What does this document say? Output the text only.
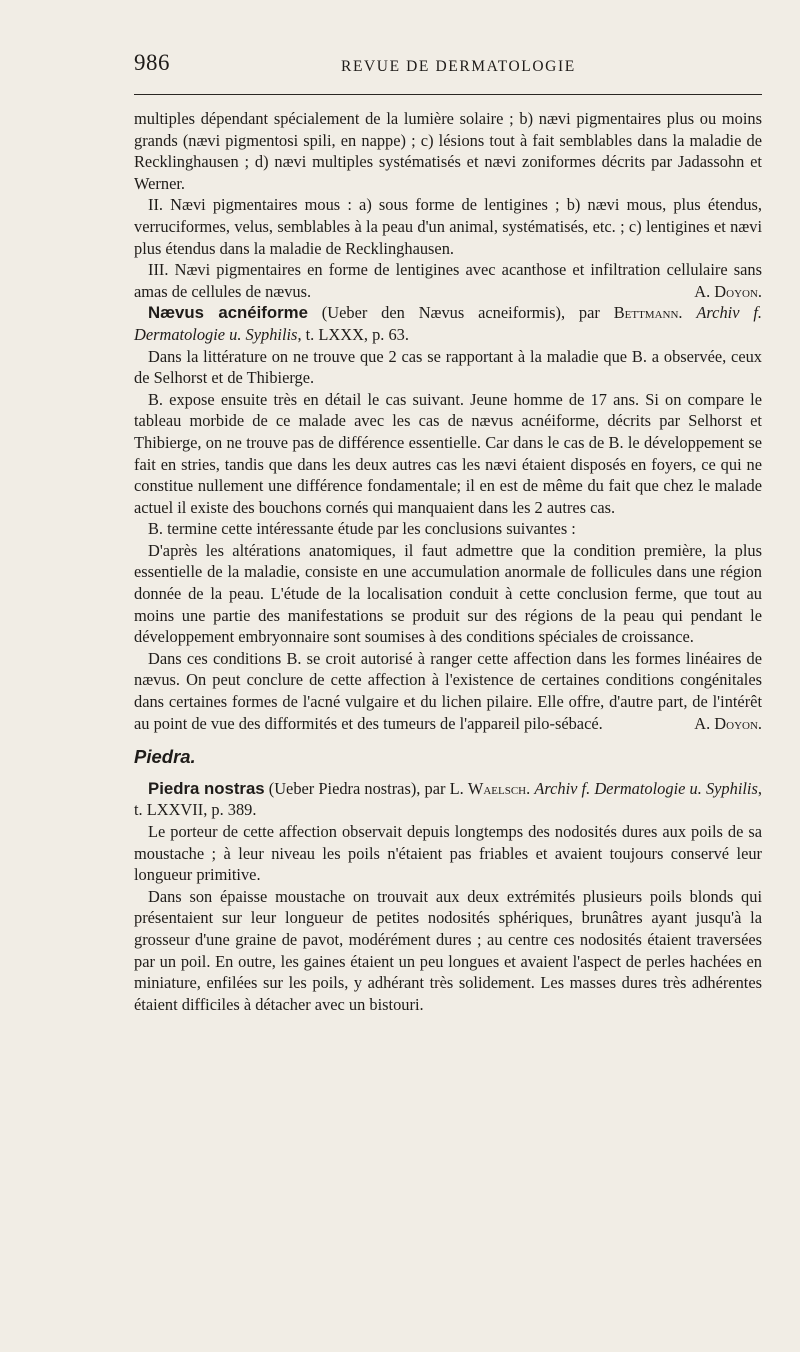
986	REVUE DE DERMATOLOGIE

multiples dépendant spécialement de la lumière solaire ; b) nævi pigmentaires plus ou moins grands (nævi pigmentosi spili, en nappe) ; c) lésions tout à fait semblables dans la maladie de Recklinghausen ; d) nævi multiples systématisés et nævi zoniformes décrits par Jadassohn et Werner.

II. Nævi pigmentaires mous : a) sous forme de lentigines ; b) nævi mous, plus étendus, verruciformes, velus, semblables à la peau d'un animal, systématisés, etc. ; c) lentigines et nævi plus étendus dans la maladie de Recklinghausen.

III. Nævi pigmentaires en forme de lentigines avec acanthose et infiltration cellulaire sans amas de cellules de nævus.	A. Doyon.

Nævus acnéiforme (Ueber den Nævus acneiformis), par Bettmann. Archiv f. Dermatologie u. Syphilis, t. LXXX, p. 63.

Dans la littérature on ne trouve que 2 cas se rapportant à la maladie que B. a observée, ceux de Selhorst et de Thibierge.

B. expose ensuite très en détail le cas suivant. Jeune homme de 17 ans. Si on compare le tableau morbide de ce malade avec les cas de nævus acnéiforme, décrits par Selhorst et Thibierge, on ne trouve pas de différence essentielle. Car dans le cas de B. le développement se fait en stries, tandis que dans les deux autres cas les nævi étaient disposés en foyers, ce qui ne constitue nullement une différence fondamentale; il en est de même du fait que chez le malade actuel il existe des bouchons cornés qui manquaient dans les 2 autres cas.

B. termine cette intéressante étude par les conclusions suivantes :

D'après les altérations anatomiques, il faut admettre que la condition première, la plus essentielle de la maladie, consiste en une accumulation anormale de follicules dans une région donnée de la peau. L'étude de la localisation conduit à cette conclusion ferme, que tout au moins une partie des manifestations se produit sur des régions de la peau qui pendant le développement embryonnaire sont soumises à des conditions spéciales de croissance.

Dans ces conditions B. se croit autorisé à ranger cette affection dans les formes linéaires de nævus. On peut conclure de cette affection à l'existence de certaines conditions congénitales dans certaines formes de l'acné vulgaire et du lichen pilaire. Elle offre, d'autre part, de l'intérêt au point de vue des difformités et des tumeurs de l'appareil pilo-sébacé.	A. Doyon.

Piedra.

Piedra nostras (Ueber Piedra nostras), par L. Waelsch. Archiv f. Dermatologie u. Syphilis, t. LXXVII, p. 389.

Le porteur de cette affection observait depuis longtemps des nodosités dures aux poils de sa moustache ; à leur niveau les poils n'étaient pas friables et avaient toujours conservé leur longueur primitive.

Dans son épaisse moustache on trouvait aux deux extrémités plusieurs poils blonds qui présentaient sur leur longueur de petites nodosités sphériques, brunâtres ayant jusqu'à la grosseur d'une graine de pavot, modérément dures ; au centre ces nodosités étaient traversées par un poil. En outre, les gaines étaient un peu longues et avaient l'aspect de perles hachées en miniature, enfilées sur les poils, y adhérant très solidement. Les masses dures très adhérentes étaient difficiles à détacher avec un bistouri.
